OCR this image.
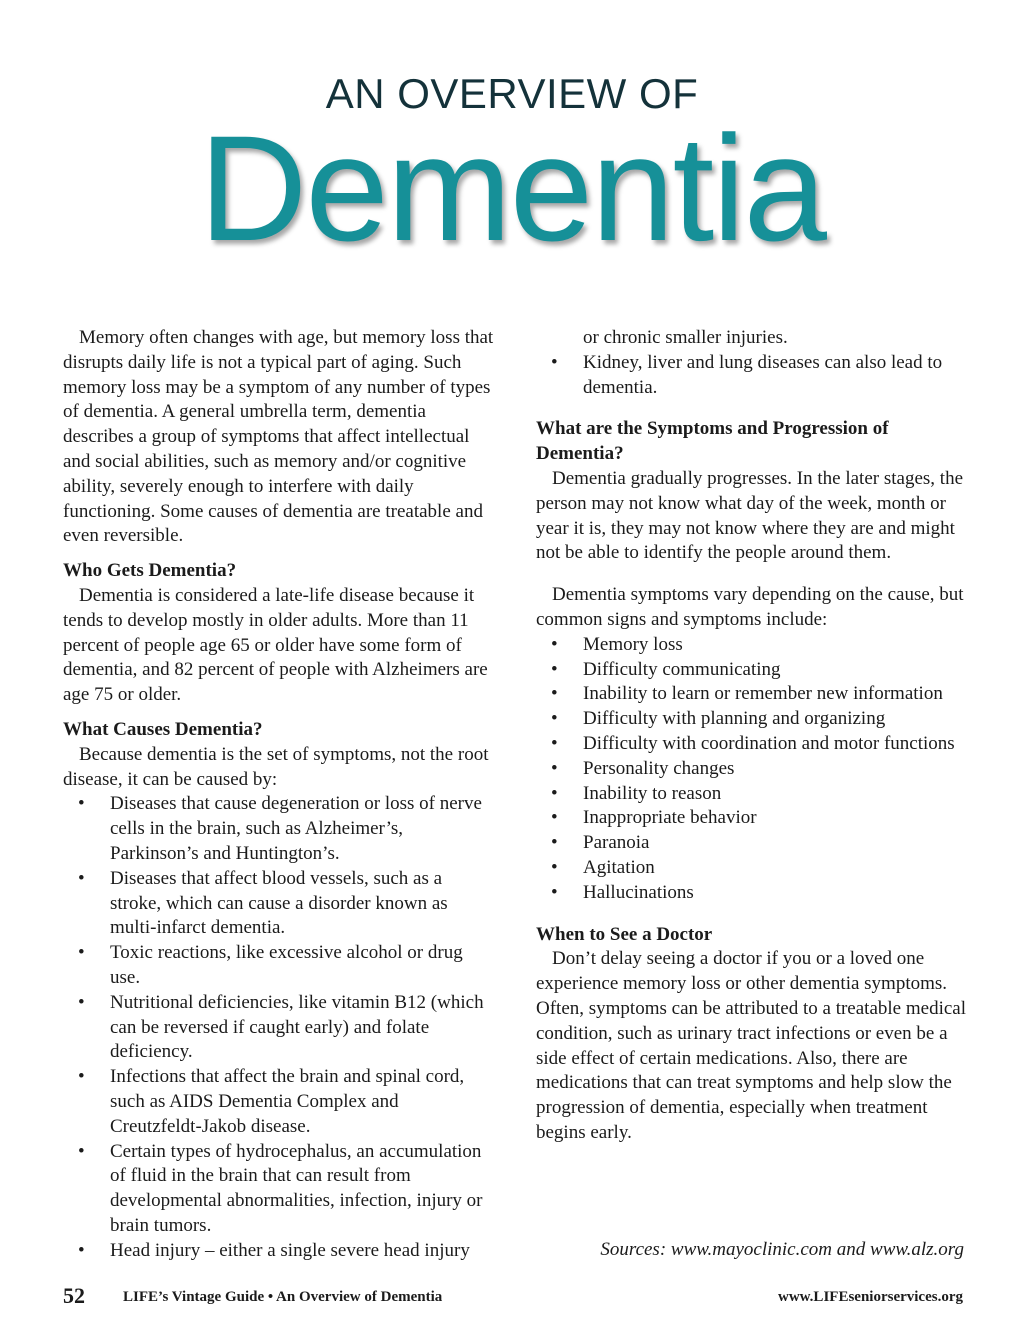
AN OVERVIEW OF
Dementia

Memory often changes with age, but memory loss that disrupts daily life is not a typical part of aging. Such memory loss may be a symptom of any number of types of dementia. A general umbrella term, dementia describes a group of symptoms that affect intellectual and social abilities, such as memory and/or cognitive ability, severely enough to interfere with daily functioning. Some causes of dementia are treatable and even reversible.

Who Gets Dementia?

Dementia is considered a late-life disease because it tends to develop mostly in older adults. More than 11 percent of people age 65 or older have some form of dementia, and 82 percent of people with Alzheimers are age 75 or older.

What Causes Dementia?

Because dementia is the set of symptoms, not the root disease, it can be caused by:

• Diseases that cause degeneration or loss of nerve cells in the brain, such as Alzheimer’s, Parkinson’s and Huntington’s.
• Diseases that affect blood vessels, such as a stroke, which can cause a disorder known as multi-infarct dementia.
• Toxic reactions, like excessive alcohol or drug use.
• Nutritional deficiencies, like vitamin B12 (which can be reversed if caught early) and folate deficiency.
• Infections that affect the brain and spinal cord, such as AIDS Dementia Complex and Creutzfeldt-Jakob disease.
• Certain types of hydrocephalus, an accumulation of fluid in the brain that can result from developmental abnormalities, infection, injury or brain tumors.
• Head injury – either a single severe head injury
or chronic smaller injuries.
• Kidney, liver and lung diseases can also lead to dementia.
What are the Symptoms and Progression of Dementia?

Dementia gradually progresses. In the later stages, the person may not know what day of the week, month or year it is, they may not know where they are and might not be able to identify the people around them.

Dementia symptoms vary depending on the cause, but common signs and symptoms include:

• Memory loss
• Difficulty communicating
• Inability to learn or remember new information
• Difficulty with planning and organizing
• Difficulty with coordination and motor functions
• Personality changes
• Inability to reason
• Inappropriate behavior
• Paranoia
• Agitation
• Hallucinations
When to See a Doctor

Don’t delay seeing a doctor if you or a loved one experience memory loss or other dementia symptoms. Often, symptoms can be attributed to a treatable medical condition, such as urinary tract infections or even be a side effect of certain medications. Also, there are medications that can treat symptoms and help slow the progression of dementia, especially when treatment begins early.

Sources: www.mayoclinic.com and www.alz.org
52	LIFE’s Vintage Guide • An Overview of Dementia	www.LIFEseniorservices.org
